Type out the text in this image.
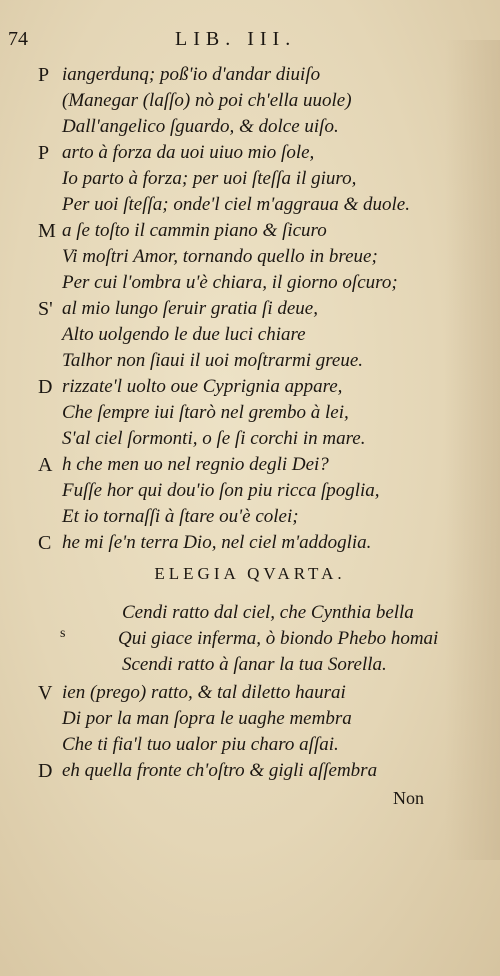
74	LIB. III.
P iangerdunq; poß'io d'andar diuiſo
(Manegar (laſſo) nò poi ch'ella uuole)
Dall'angelico ſguardo, & dolce uiſo.
P arto à forza da uoi uiuo mio ſole,
Io parto à forza; per uoi ſteſſa il giuro,
Per uoi ſteſſa; onde'l ciel m'aggraua & duole.
M a ſe toſto il cammin piano & ſicuro
Vi moſtri Amor, tornando quello in breue;
Per cui l'ombra u'è chiara, il giorno oſcuro;
S' al mio lungo ſeruir gratia ſi deue,
Alto uolgendo le due luci chiare
Talhor non ſiaui il uoi moſtrarmi greue.
D rizzate'l uolto oue Cyprignia appare,
Che ſempre iui ſtarò nel grembo à lei,
S'al ciel ſormonti, o ſe ſi corchi in mare.
A h che men uo nel regnio degli Dei?
Fuſſe hor qui dou'io ſon piu ricca ſpoglia,
Et io tornaſſi à ſtare ou'è colei;
C he mi ſe'n terra Dio, nel ciel m'addoglia.
ELEGIA QVARTA.
s
Cendi ratto dal ciel, che Cynthia bella
Qui giace inferma, ò biondo Phebo homai
Scendi ratto à ſanar la tua Sorella.
V ien (prego) ratto, & tal diletto haurai
Di por la man ſopra le uaghe membra
Che ti fia'l tuo ualor piu charo aſſai.
D eh quella fronte ch'oſtro & gigli aſſembra
Non
